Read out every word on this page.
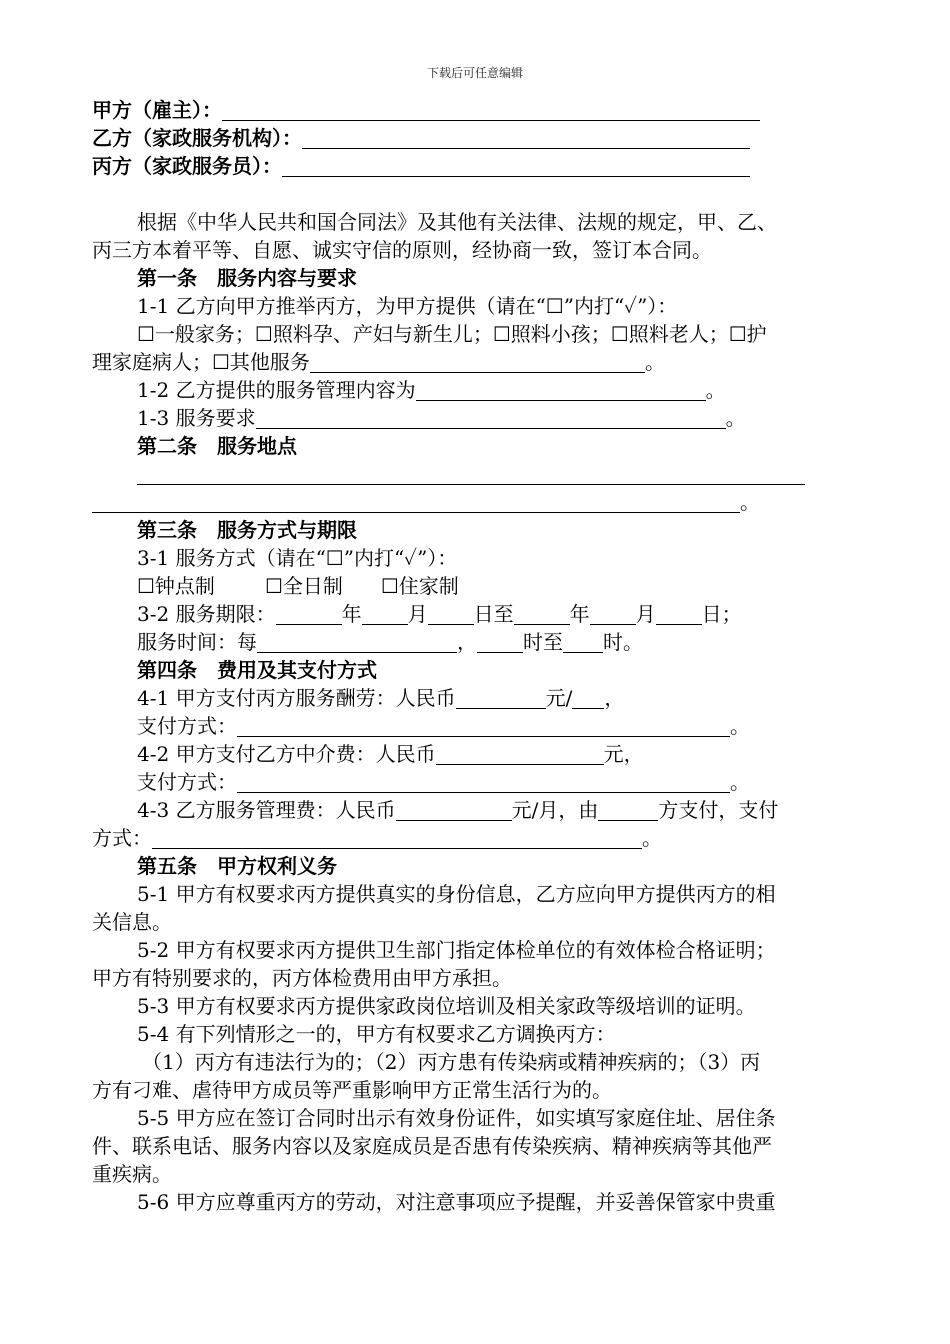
下载后可任意编辑
甲方（雇主）：
乙方（家政服务机构）：
丙方（家政服务员）：
根据《中华人民共和国合同法》及其他有关法律、法规的规定，甲、乙、
丙三方本着平等、自愿、诚实守信的原则，经协商一致，签订本合同。
第一条　服务内容与要求
1-1 乙方向甲方推举丙方，为甲方提供（请在“☐”内打“✓”）：
☐一般家务；☐照料孕、产妇与新生儿；☐照料小孩；☐照料老人；☐护
理家庭病人；☐其他服务	。
1-2 乙方提供的服务管理内容为	。
1-3 服务要求	。
第二条　服务地点
。
第三条　服务方式与期限
3-1 服务方式（请在“☐”内打“✓”）：
☐钟点制	☐全日制 ☐住家制
3-2 服务期限：	年 月 日至	年 月 日；
服务时间：每	， 时至 时。
第四条　费用及其支付方式
4-1 甲方支付丙方服务酬劳：人民币	元/ ，
支付方式：	。
4-2 甲方支付乙方中介费：人民币	元，
支付方式：	。
4-3 乙方服务管理费：人民币	元/月，由	方支付，支付
方式：	。
第五条　甲方权利义务
5-1 甲方有权要求丙方提供真实的身份信息，乙方应向甲方提供丙方的相
关信息。
5-2 甲方有权要求丙方提供卫生部门指定体检单位的有效体检合格证明；
甲方有特别要求的，丙方体检费用由甲方承担。
5-3 甲方有权要求丙方提供家政岗位培训及相关家政等级培训的证明。
5-4 有下列情形之一的，甲方有权要求乙方调换丙方：
（1）丙方有违法行为的；（2）丙方患有传染病或精神疾病的；（3）丙
方有刁难、虐待甲方成员等严重影响甲方正常生活行为的。
5-5 甲方应在签订合同时出示有效身份证件，如实填写家庭住址、居住条
件、联系电话、服务内容以及家庭成员是否患有传染疾病、精神疾病等其他严
重疾病。
5-6 甲方应尊重丙方的劳动，对注意事项应予提醒，并妥善保管家中贵重
